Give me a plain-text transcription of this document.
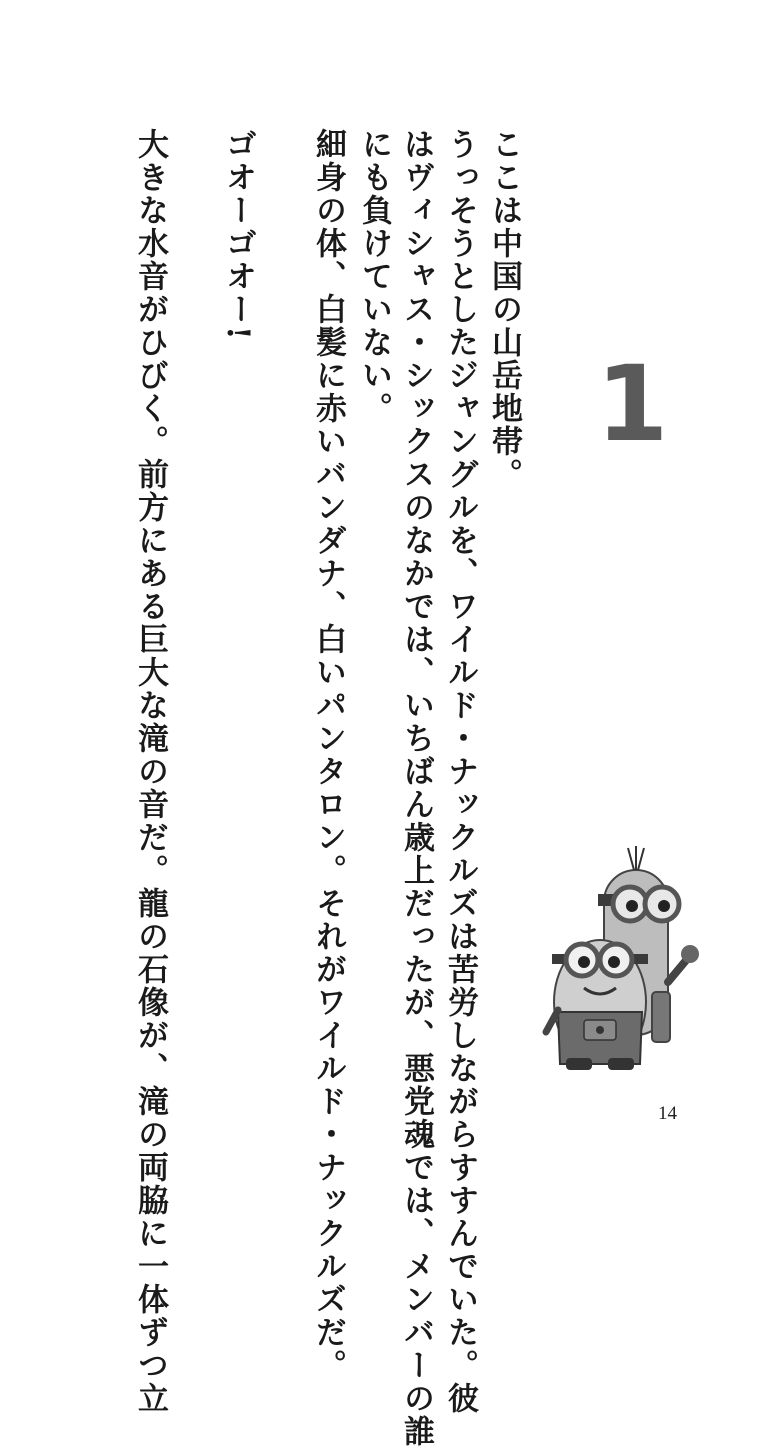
ここは中国の山岳地帯。
うっそうとしたジャングルを、ワイルド・ナックルズは苦労しながらすすんでいた。彼
はヴィシャス・シックスのなかでは、いちばん歳上だったが、悪党魂では、メンバーの誰
にも負けていない。
細身の体、白髪に赤いバンダナ、白いパンタロン。それがワイルド・ナックルズだ。
ゴオーゴオー!
大きな水音がひびく。前方にある巨大な滝の音だ。龍の石像が、滝の両脇に一体ずつ立	1
14
